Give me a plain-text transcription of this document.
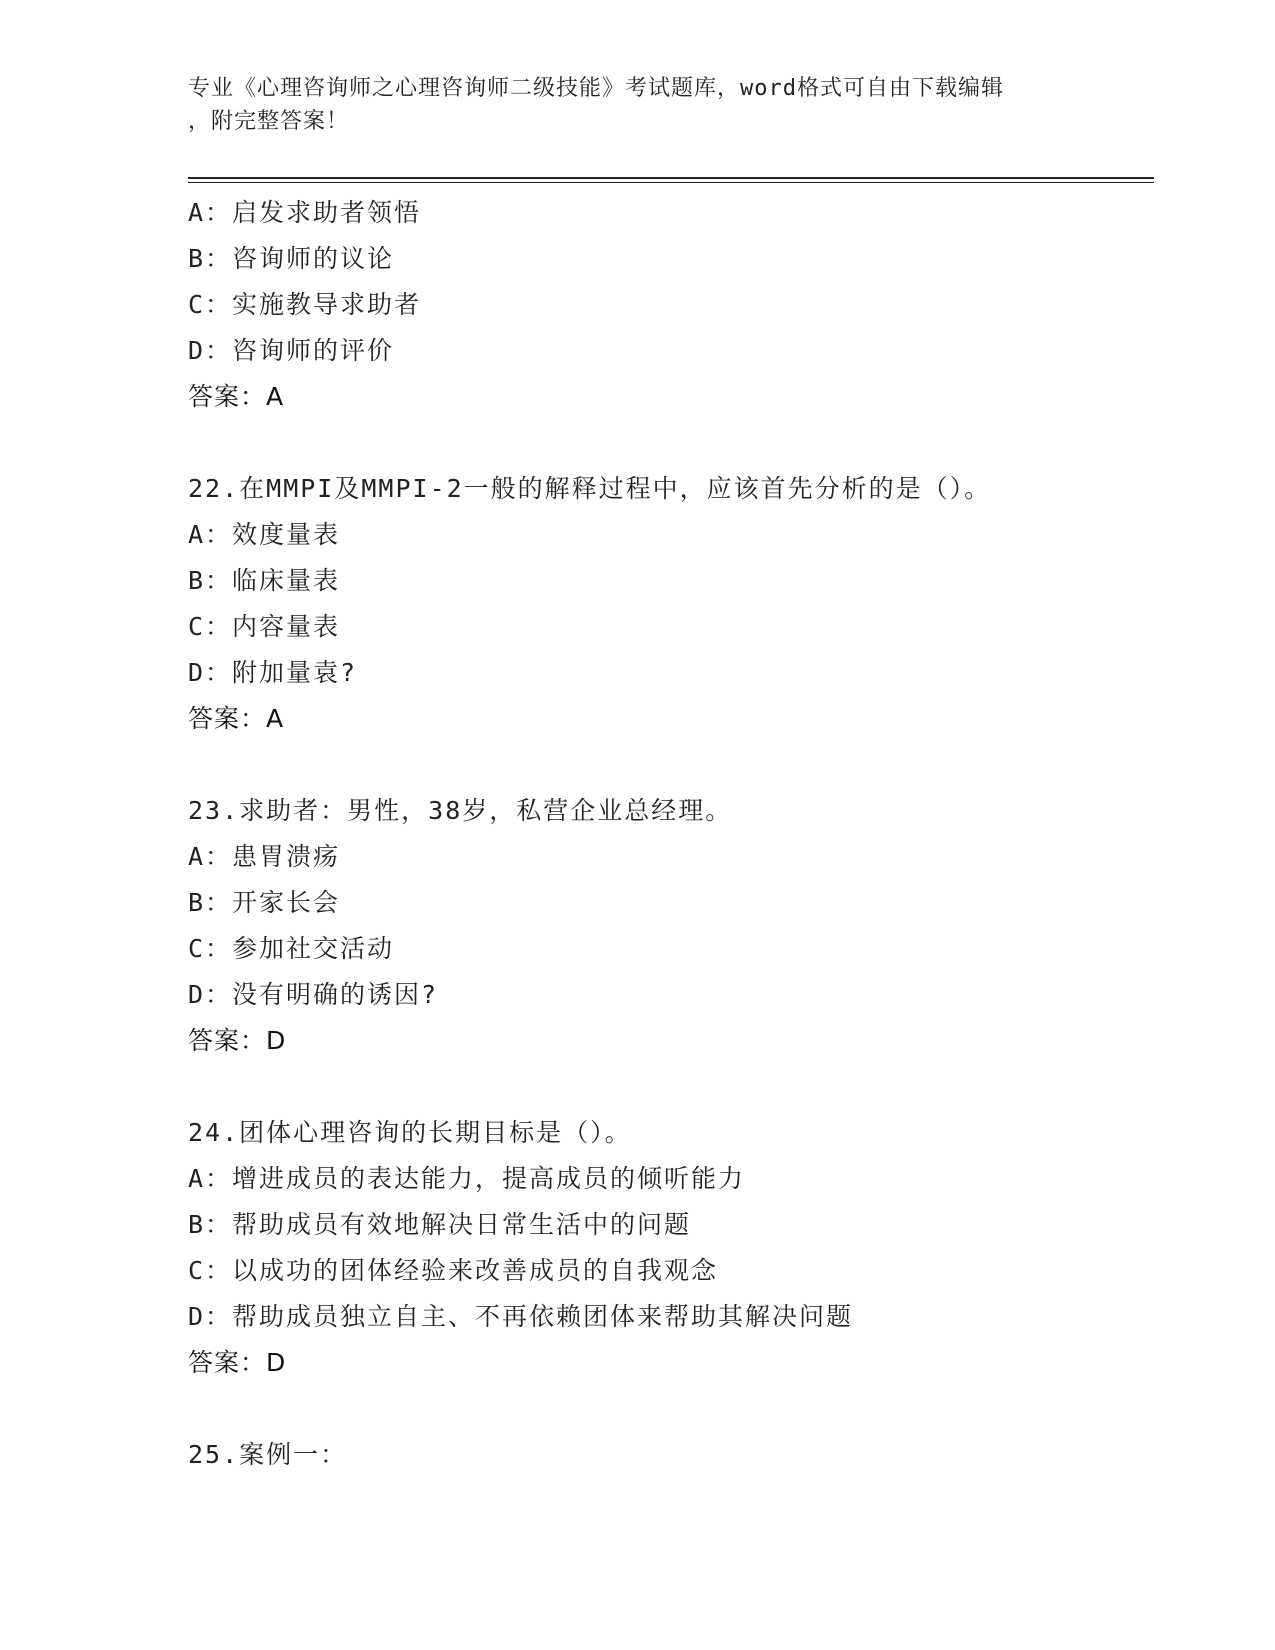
专业《心理咨询师之心理咨询师二级技能》考试题库，word格式可自由下载编辑
，附完整答案！
A：启发求助者领悟
B：咨询师的议论
C：实施教导求助者
D：咨询师的评价
答案：A
22.在MMPI及MMPI-2一般的解释过程中，应该首先分析的是（）。
A：效度量表
B：临床量表
C：内容量表
D：附加量袁?
答案：A
23.求助者：男性，38岁，私营企业总经理。
A：患胃溃疡
B：开家长会
C：参加社交活动
D：没有明确的诱因?
答案：D
24.团体心理咨询的长期目标是（）。
A：增进成员的表达能力，提高成员的倾听能力
B：帮助成员有效地解决日常生活中的问题
C：以成功的团体经验来改善成员的自我观念
D：帮助成员独立自主、不再依赖团体来帮助其解决问题
答案：D
25.案例一：
